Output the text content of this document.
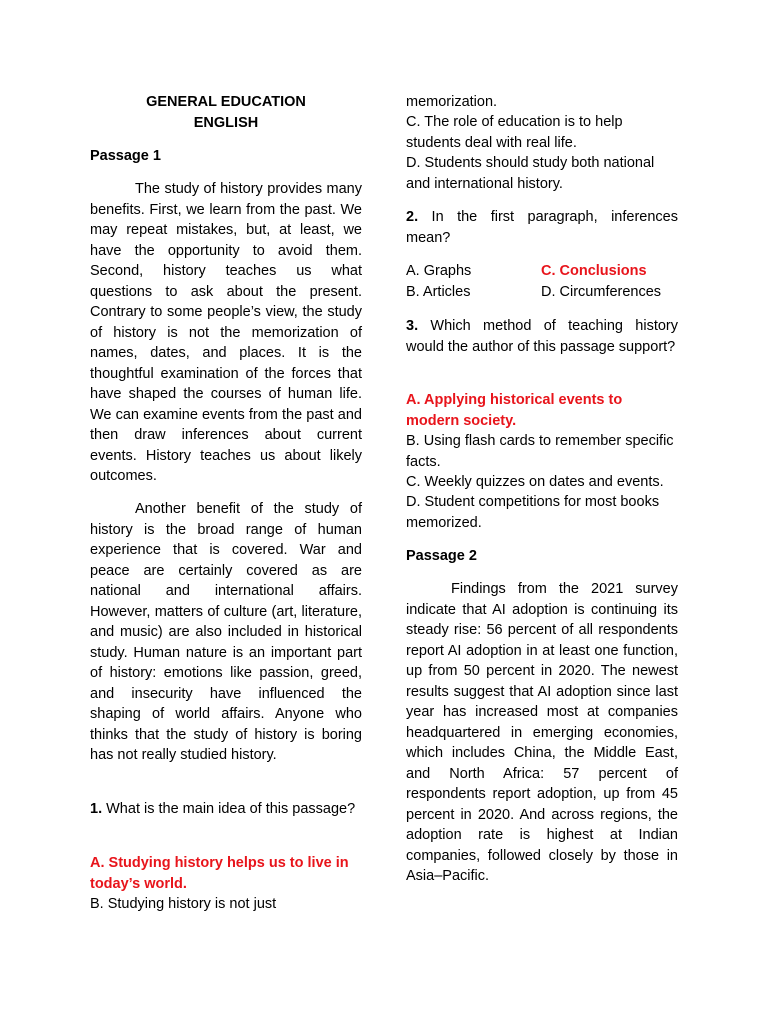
GENERAL EDUCATION
ENGLISH
Passage 1

The study of history provides many benefits. First, we learn from the past. We may repeat mistakes, but, at least, we have the opportunity to avoid them. Second, history teaches us what questions to ask about the present. Contrary to some people’s view, the study of history is not the memorization of names, dates, and places. It is the thoughtful examination of the forces that have shaped the courses of human life. We can examine events from the past and then draw inferences about current events. History teaches us about likely outcomes.

Another benefit of the study of history is the broad range of human experience that is covered. War and peace are certainly covered as are national and international affairs. However, matters of culture (art, literature, and music) are also included in historical study. Human nature is an important part of history: emotions like passion, greed, and insecurity have influenced the shaping of world affairs. Anyone who thinks that the study of history is boring has not really studied history.

1. What is the main idea of this passage?
A. Studying history helps us to live in today’s world.
B. Studying history is not just
memorization.
C. The role of education is to help students deal with real life.
D. Students should study both national and international history.
2. In the first paragraph, inferences mean?
A. Graphs	C. Conclusions
B. Articles	D. Circumferences
3. Which method of teaching history would the author of this passage support?
A. Applying historical events to modern society.
B. Using flash cards to remember specific facts.
C. Weekly quizzes on dates and events.
D. Student competitions for most books memorized.
Passage 2

Findings from the 2021 survey indicate that AI adoption is continuing its steady rise: 56 percent of all respondents report AI adoption in at least one function, up from 50 percent in 2020. The newest results suggest that AI adoption since last year has increased most at companies headquartered in emerging economies, which includes China, the Middle East, and North Africa: 57 percent of respondents report adoption, up from 45 percent in 2020. And across regions, the adoption rate is highest at Indian companies, followed closely by those in Asia–Pacific.
